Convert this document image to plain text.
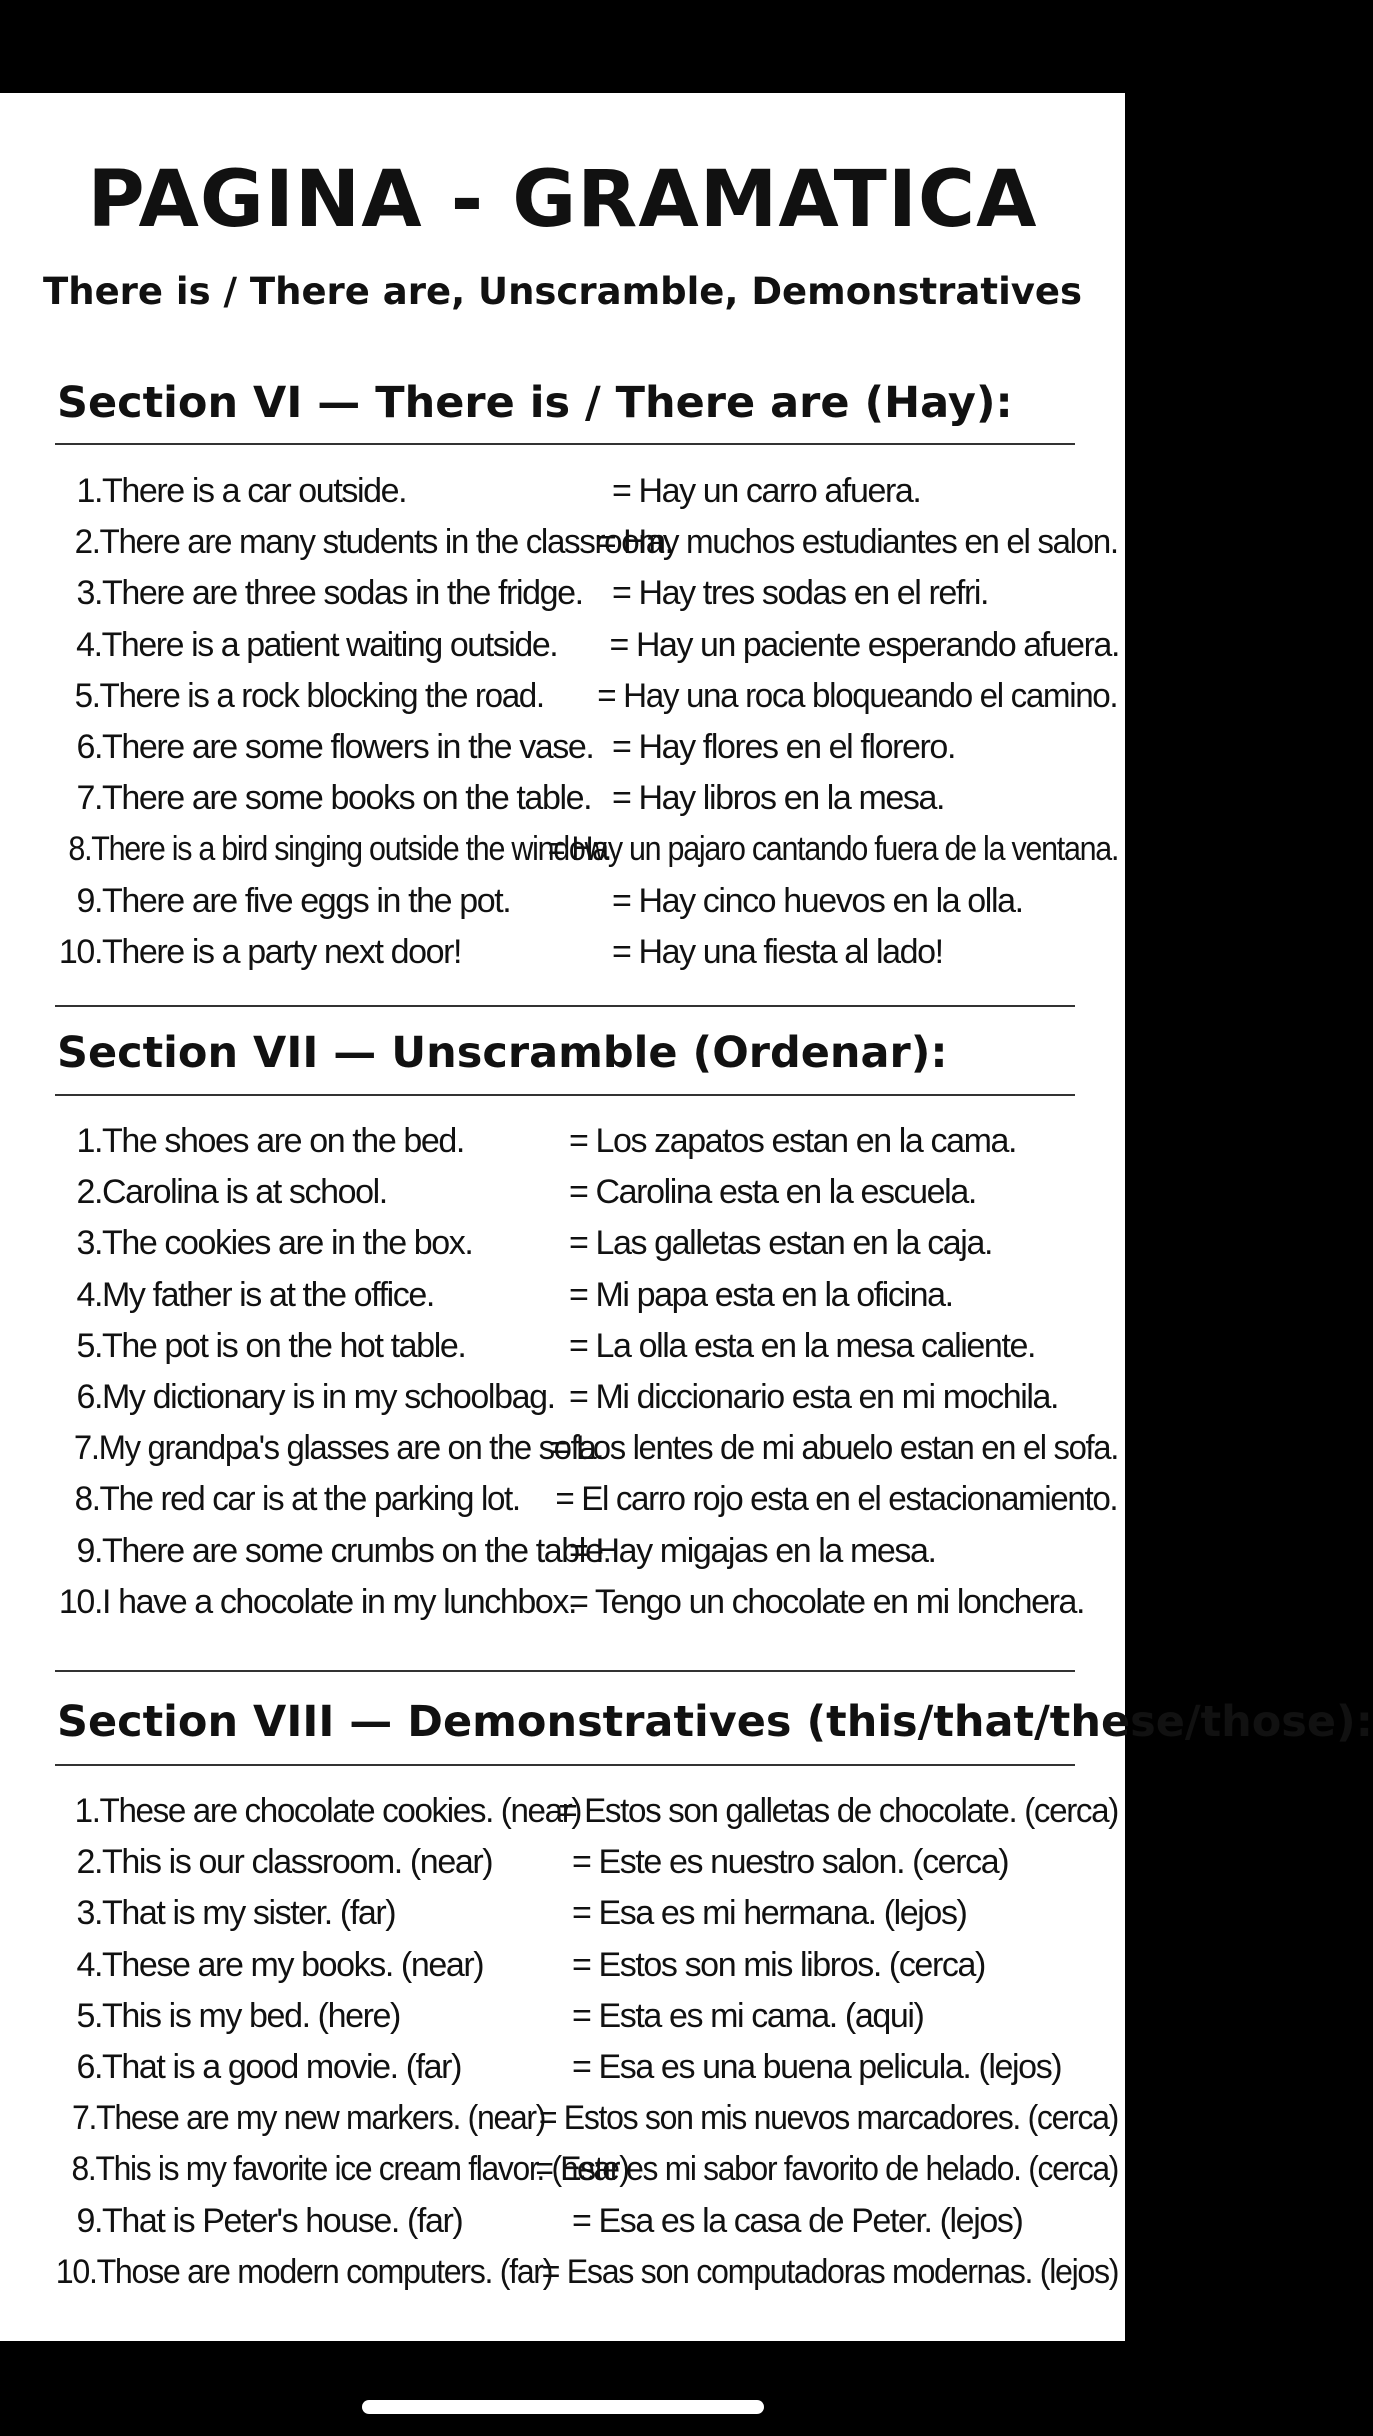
PAGINA - GRAMATICA
There is / There are, Unscramble, Demonstratives
Section VI — There is / There are (Hay):
1. There is a car outside.	= Hay un carro afuera.
2. There are many students in the classroom.
= Hay muchos estudiantes en el salon.
3. There are three sodas in the fridge. = Hay tres sodas en el refri.
4. There is a patient waiting outside. = Hay un paciente esperando afuera.
5. There is a rock blocking the road. = Hay una roca bloqueando el camino.
6. There are some flowers in the vase. = Hay flores en el florero.
7. There are some books on the table. = Hay libros en la mesa.
8. There is a bird singing outside the window.
= Hay un pajaro cantando fuera de la ventana.
9. There are five eggs in the pot.	= Hay cinco huevos en la olla.
10. There is a party next door!	= Hay una fiesta al lado!
Section VII — Unscramble (Ordenar):
1. The shoes are on the bed.	= Los zapatos estan en la cama.
2. Carolina is at school.	= Carolina esta en la escuela.
3. The cookies are in the box.	= Las galletas estan en la caja.
4. My father is at the office.	= Mi papa esta en la oficina.
5. The pot is on the hot table.	= La olla esta en la mesa caliente.
6. My dictionary is in my schoolbag. = Mi diccionario esta en mi mochila.
7. My grandpa's glasses are on the sofa.
= Los lentes de mi abuelo estan en el sofa.
8. The red car is at the parking lot. = El carro rojo esta en el estacionamiento.
9. There are some crumbs on the table.
= Hay migajas en la mesa.
10. I have a chocolate in my lunchbox.
= Tengo un chocolate en mi lonchera.
Section VIII — Demonstratives (this/that/these/those):
1. These are chocolate cookies. (near)
= Estos son galletas de chocolate. (cerca)
2. This is our classroom. (near) = Este es nuestro salon. (cerca)
3. That is my sister. (far)	= Esa es mi hermana. (lejos)
4. These are my books. (near)	= Estos son mis libros. (cerca)
5. This is my bed. (here)	= Esta es mi cama. (aqui)
6. That is a good movie. (far)	= Esa es una buena pelicula. (lejos)
7. These are my new markers. (near)
= Estos son mis nuevos marcadores. (cerca)
8. This is my favorite ice cream flavor. (near)
= Este es mi sabor favorito de helado. (cerca)
9. That is Peter's house. (far)	= Esa es la casa de Peter. (lejos)
10. Those are modern computers. (far)
= Esas son computadoras modernas. (lejos)
